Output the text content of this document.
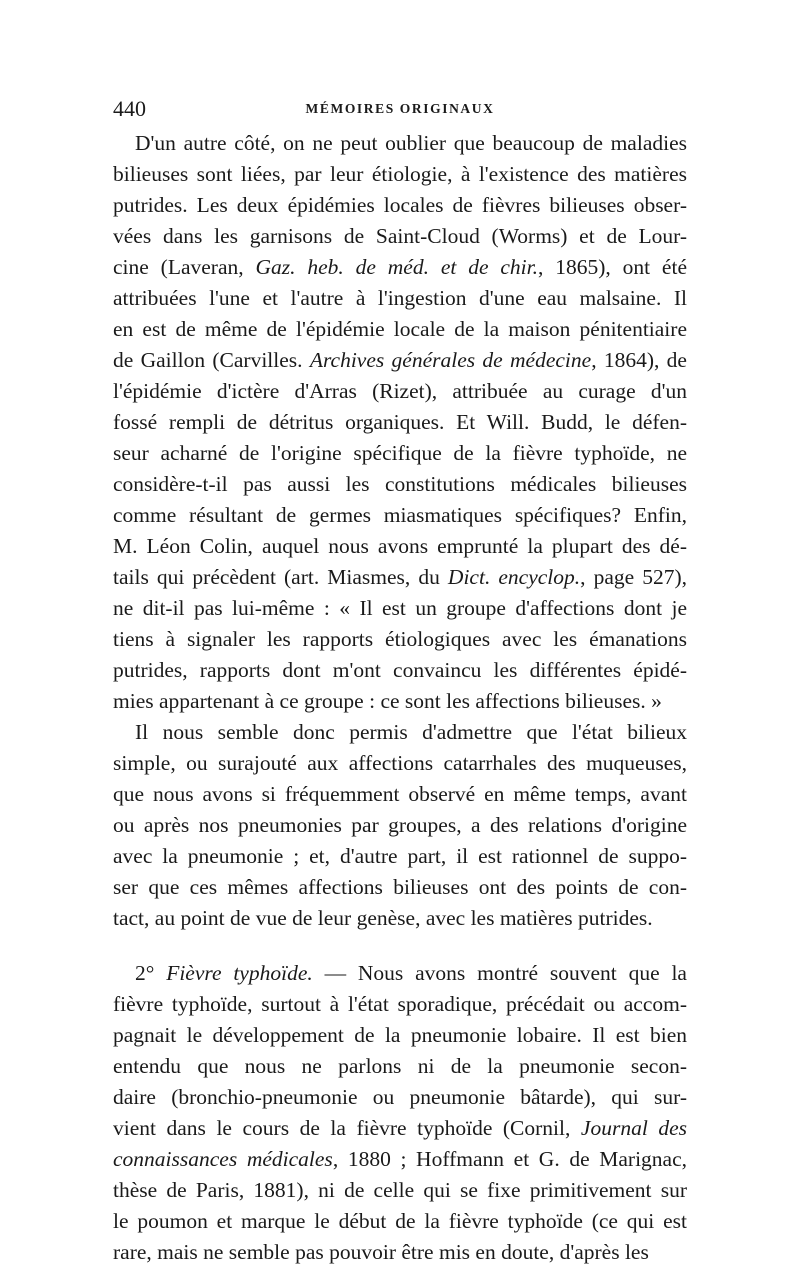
440	MÉMOIRES ORIGINAUX
D'un autre côté, on ne peut oublier que beaucoup de maladies
bilieuses sont liées, par leur étiologie, à l'existence des matières
putrides. Les deux épidémies locales de fièvres bilieuses obser-
vées dans les garnisons de Saint-Cloud (Worms) et de Lour-
cine (Laveran, Gaz. heb. de méd. et de chir., 1865), ont été
attribuées l'une et l'autre à l'ingestion d'une eau malsaine. Il
en est de même de l'épidémie locale de la maison pénitentiaire
de Gaillon (Carvilles. Archives générales de médecine, 1864), de
l'épidémie d'ictère d'Arras (Rizet), attribuée au curage d'un
fossé rempli de détritus organiques. Et Will. Budd, le défen-
seur acharné de l'origine spécifique de la fièvre typhoïde, ne
considère-t-il pas aussi les constitutions médicales bilieuses
comme résultant de germes miasmatiques spécifiques? Enfin,
M. Léon Colin, auquel nous avons emprunté la plupart des dé-
tails qui précèdent (art. Miasmes, du Dict. encyclop., page 527),
ne dit-il pas lui-même : « Il est un groupe d'affections dont je
tiens à signaler les rapports étiologiques avec les émanations
putrides, rapports dont m'ont convaincu les différentes épidé-
mies appartenant à ce groupe : ce sont les affections bilieuses. »
Il nous semble donc permis d'admettre que l'état bilieux
simple, ou surajouté aux affections catarrhales des muqueuses,
que nous avons si fréquemment observé en même temps, avant
ou après nos pneumonies par groupes, a des relations d'origine
avec la pneumonie ; et, d'autre part, il est rationnel de suppo-
ser que ces mêmes affections bilieuses ont des points de con-
tact, au point de vue de leur genèse, avec les matières putrides.
2° Fièvre typhoïde. — Nous avons montré souvent que la
fièvre typhoïde, surtout à l'état sporadique, précédait ou accom-
pagnait le développement de la pneumonie lobaire. Il est bien
entendu que nous ne parlons ni de la pneumonie secon-
daire (bronchio-pneumonie ou pneumonie bâtarde), qui sur-
vient dans le cours de la fièvre typhoïde (Cornil, Journal des
connaissances médicales, 1880 ; Hoffmann et G. de Marignac,
thèse de Paris, 1881), ni de celle qui se fixe primitivement sur
le poumon et marque le début de la fièvre typhoïde (ce qui est
rare, mais ne semble pas pouvoir être mis en doute, d'après les
